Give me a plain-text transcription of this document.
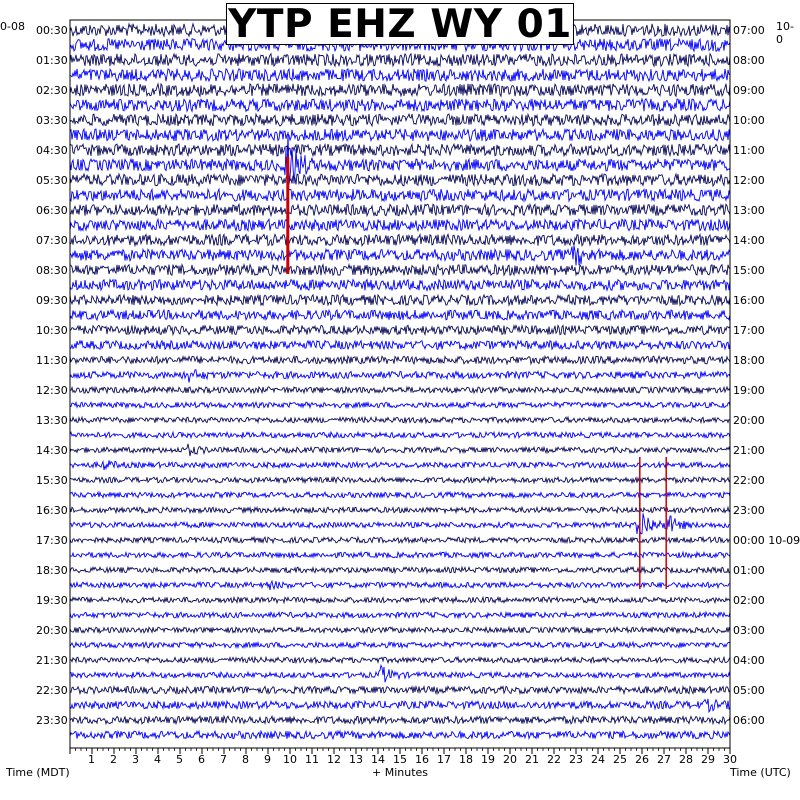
YTP EHZ WY 01
0-08	10-0
Time (MDT)	+ Minutes	Time (UTC)
1 2 3 4 5 6 7 8 9 10 11 12 13 14 15 16 17 18 19 20 21 22 23 24 25 26 27 28 29 30
00:30
01:30
02:30
03:30
04:30
05:30
06:30
07:30
08:30
09:30
10:30
11:30
12:30
13:30
14:30
15:30
16:30
17:30
18:30
19:30
20:30
21:30
22:30
23:30
07:00
08:00
09:00
10:00
11:00
12:00
13:00
14:00
15:00
16:00
17:00
18:00
19:00
20:00
21:00
22:00
23:00
00:00 10-09
01:00
02:00
03:00
04:00
05:00
06:00
